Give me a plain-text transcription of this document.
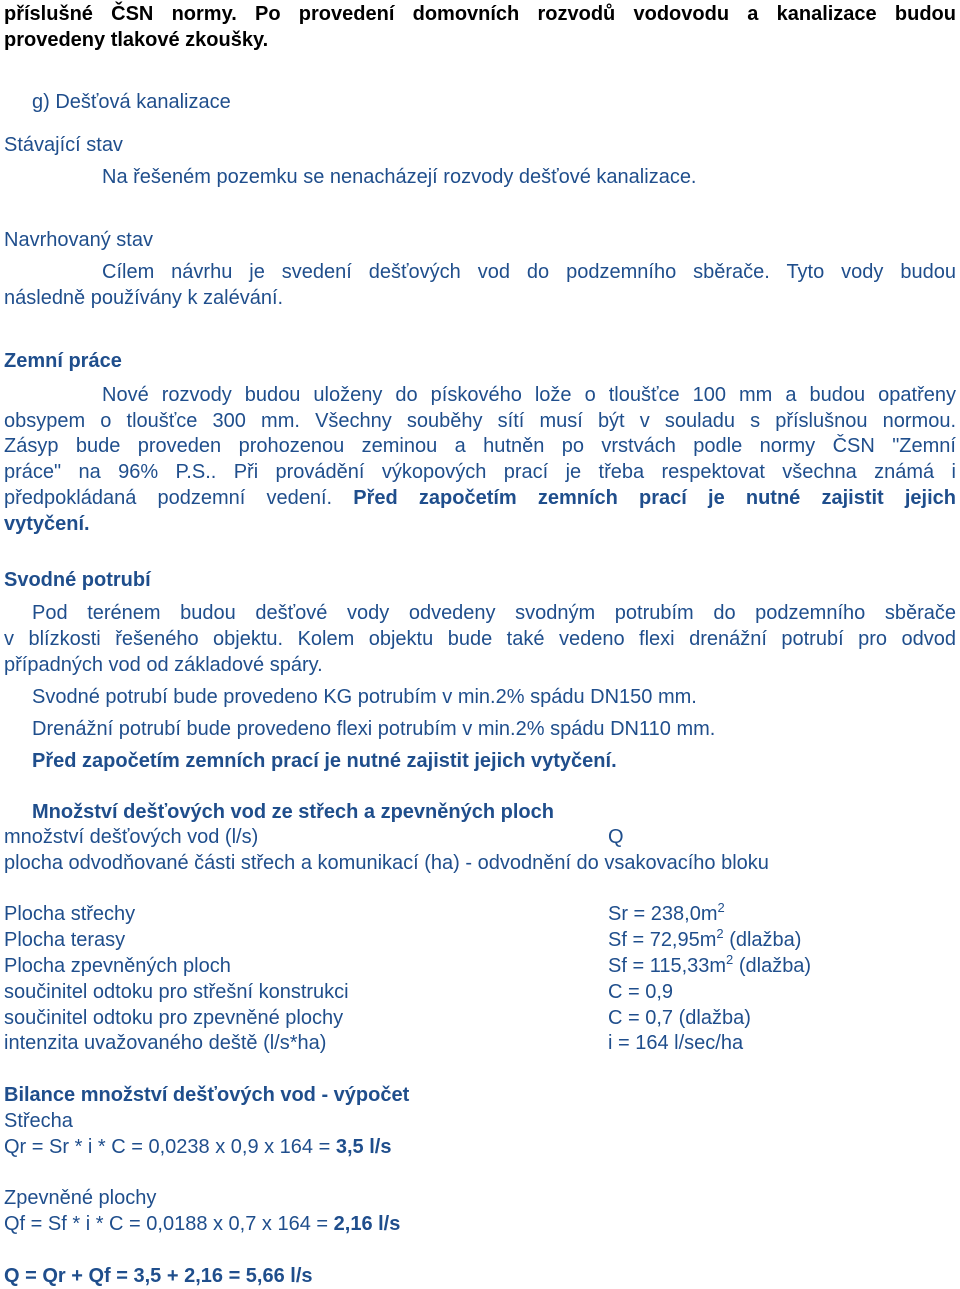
příslušné ČSN normy. Po provedení domovních rozvodů vodovodu a kanalizace budou
provedeny tlakové zkoušky.
g) Dešťová kanalizace
Stávající stav
Na řešeném pozemku se nenacházejí rozvody dešťové kanalizace.
Navrhovaný stav
Cílem návrhu je svedení dešťových vod do podzemního sběrače. Tyto vody budou
následně používány k zalévání.
Zemní práce
Nové rozvody budou uloženy do pískového lože o tloušťce 100 mm a budou opatřeny
obsypem o tloušťce 300 mm. Všechny souběhy sítí musí být v souladu s příslušnou normou.
Zásyp bude proveden prohozenou zeminou a hutněn po vrstvách podle normy ČSN "Zemní
práce" na 96% P.S.. Při provádění výkopových prací je třeba respektovat všechna známá i
předpokládaná podzemní vedení. Před započetím zemních prací je nutné zajistit jejich
vytyčení.
Svodné potrubí
Pod terénem budou dešťové vody odvedeny svodným potrubím do podzemního sběrače
v blízkosti řešeného objektu. Kolem objektu bude také vedeno flexi drenážní potrubí pro odvod
případných vod od základové spáry.
Svodné potrubí bude provedeno KG potrubím v min.2% spádu DN150 mm.
Drenážní potrubí bude provedeno flexi potrubím v min.2% spádu DN110 mm.
Před započetím zemních prací je nutné zajistit jejich vytyčení.
Množství dešťových vod ze střech a zpevněných ploch
množství dešťových vod (l/s)	Q
plocha odvodňované části střech a komunikací (ha) - odvodnění do vsakovacího bloku
Plocha střechy	$Sr = 238,0m^2$
Plocha terasy	$Sf = 72,95m^2$ (dlažba)
Plocha zpevněných ploch	$Sf = 115,33m^2$ (dlažba)
součinitel odtoku pro střešní konstrukci	C = 0,9
součinitel odtoku pro zpevněné plochy	C = 0,7 (dlažba)
intenzita uvažovaného deště (l/s*ha)	i = 164 l/sec/ha
Bilance množství dešťových vod - výpočet
Střecha
Qr = Sr * i * C = 0,0238 x 0,9 x 164 = 3,5 l/s
Zpevněné plochy
Qf = Sf * i * C = 0,0188 x 0,7 x 164 = 2,16 l/s
Q = Qr + Qf = 3,5 + 2,16 = 5,66 l/s
